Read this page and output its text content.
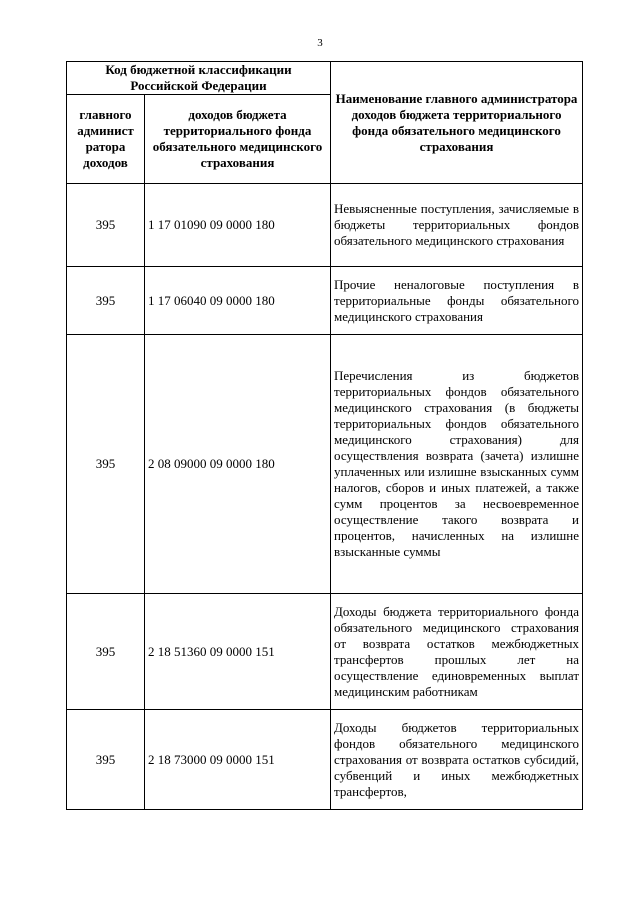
3
Код бюджетной классификации Российской Федерации		Наименование главного администратора доходов бюджета территориального фонда обязательного медицинского страхования
главного админист ратора доходов	доходов бюджета территориального фонда обязательного медицинского страхования	
395	1 17 01090 09 0000 180	Невыясненные поступления, зачисляемые в бюджеты территориальных фондов обязательного медицинского страхования
395	1 17 06040 09 0000 180	Прочие неналоговые поступления в территориальные фонды обязательного медицинского страхования
395	2 08 09000 09 0000 180	Перечисления из бюджетов территориальных фондов обязательного медицинского страхования (в бюджеты территориальных фондов обязательного медицинского страхования) для осуществления возврата (зачета) излишне уплаченных или излишне взысканных сумм налогов, сборов и иных платежей, а также сумм процентов за несвоевременное осуществление такого возврата и процентов, начисленных на излишне взысканные суммы
395	2 18 51360 09 0000 151	Доходы бюджета территориального фонда обязательного медицинского страхования от возврата остатков межбюджетных трансфертов прошлых лет на осуществление единовременных выплат медицинским работникам
395	2 18 73000 09 0000 151	Доходы бюджетов территориальных фондов обязательного медицинского страхования от возврата остатков субсидий, субвенций и иных межбюджетных трансфертов,
